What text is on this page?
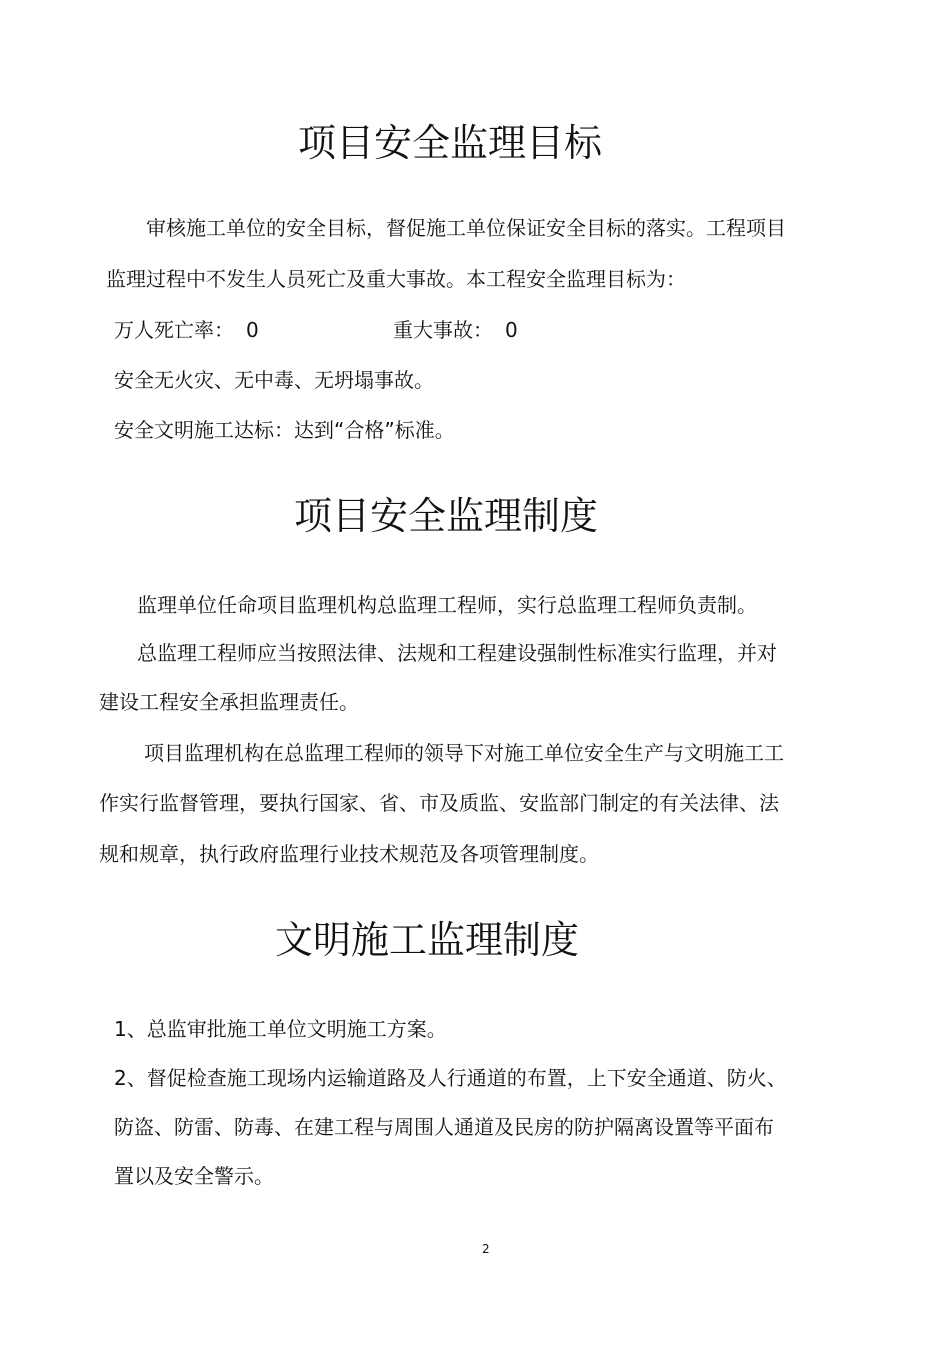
项目安全监理目标

审核施工单位的安全目标，督促施工单位保证安全目标的落实。工程项目

监理过程中不发生人员死亡及重大事故。本工程安全监理目标为：

万人死亡率： 0	重大事故： 0

安全无火灾、无中毒、无坍塌事故。

安全文明施工达标：达到“合格”标准。

项目安全监理制度

监理单位任命项目监理机构总监理工程师，实行总监理工程师负责制。

总监理工程师应当按照法律、法规和工程建设强制性标准实行监理，并对

建设工程安全承担监理责任。

项目监理机构在总监理工程师的领导下对施工单位安全生产与文明施工工

作实行监督管理，要执行国家、省、市及质监、安监部门制定的有关法律、法

规和规章，执行政府监理行业技术规范及各项管理制度。

文明施工监理制度

1、总监审批施工单位文明施工方案。

2、督促检查施工现场内运输道路及人行通道的布置，上下安全通道、防火、

防盗、防雷、防毒、在建工程与周围人通道及民房的防护隔离设置等平面布

置以及安全警示。

2
